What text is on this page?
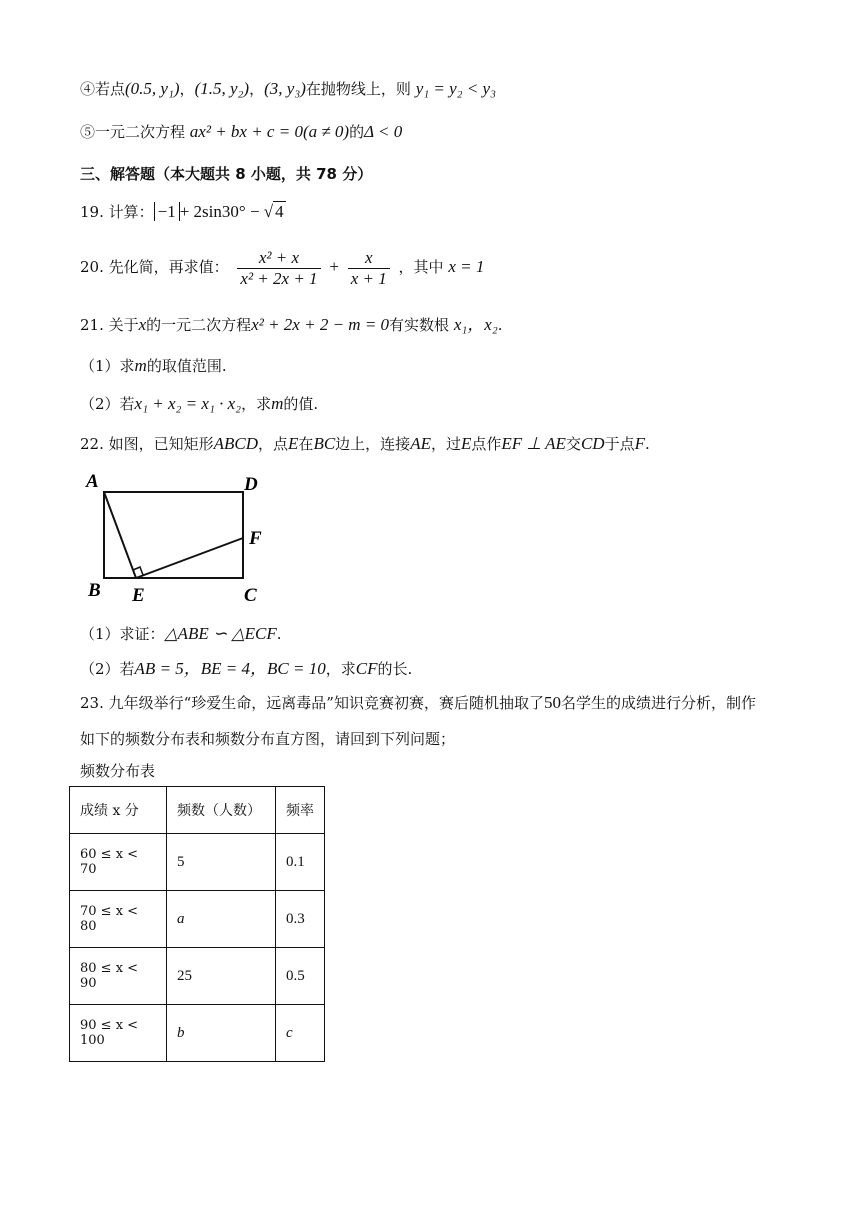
④若点(0.5, y₁)，(1.5, y₂)，(3, y₃)在抛物线上，则 y₁ = y₂ < y₃
⑤一元二次方程 ax² + bx + c = 0(a ≠ 0)的Δ < 0
三、解答题（本大题共 8 小题，共 78 分）
19. 计算： −1 + 2sin30° − √ 4
20. 先化简，再求值： $\frac{\text{x² + x}}{\text{x² + 2x + 1}} + \frac{x}{x + 1}$ ，其中 x = 1
21. 关于x的一元二次方程x² + 2x + 2 − m = 0有实数根 x₁，x₂.
（1）求m的取值范围.
（2）若x₁ + x₂ = x₁ · x₂，求m的值.
22. 如图，已知矩形ABCD，点E在BC边上，连接AE，过E点作EF ⊥ AE交CD于点F.
A	D
F
B E	C
（1）求证：△ABE ∽ △ECF.
（2）若AB = 5，BE = 4，BC = 10，求CF的长.
23. 九年级举行“珍爱生命，远离毒品”知识竞赛初赛，赛后随机抽取了50名学生的成绩进行分析，制作
如下的频数分布表和频数分布直方图，请回到下列问题；
频数分布表
成绩 x 分	频数（人数）	频率
60 ≤ x < 70	5	0.1
70 ≤ x < 80	a	0.3
80 ≤ x < 90	25	0.5
90 ≤ x < 100	b	c
